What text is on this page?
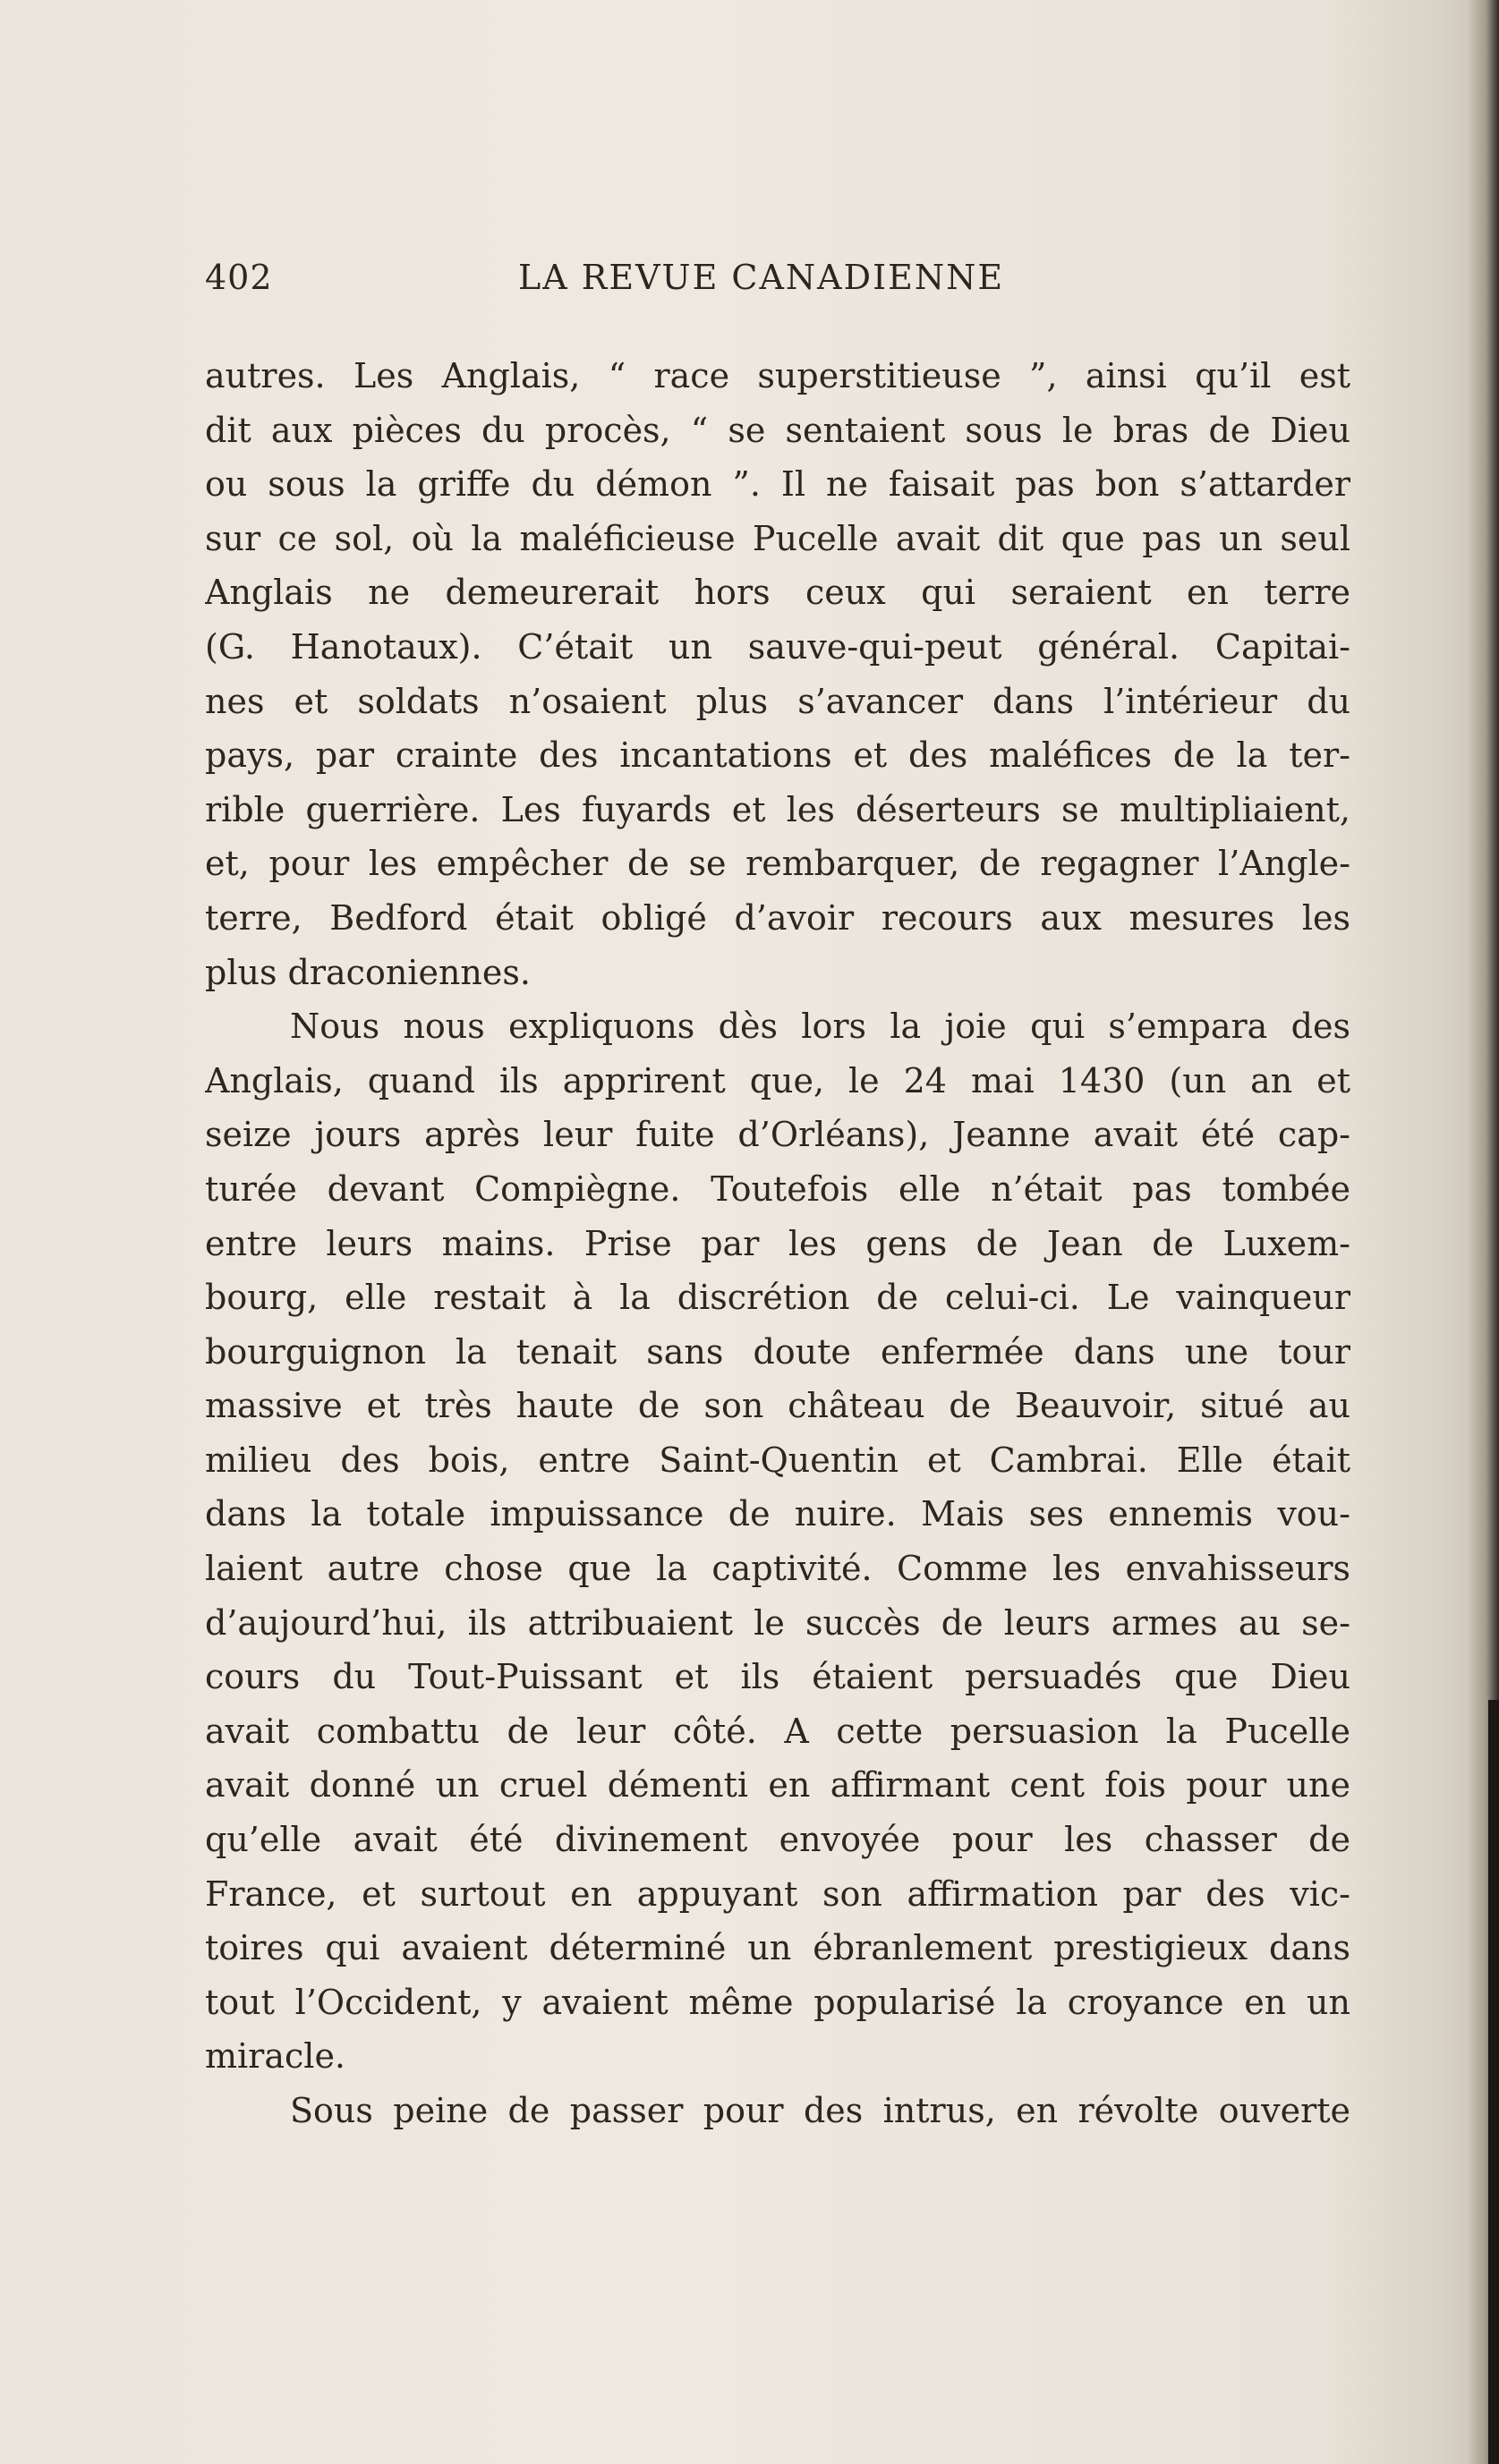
402	LA REVUE CANADIENNE
autres. Les Anglais, “ race superstitieuse ”, ainsi qu’il est
dit aux pièces du procès, “ se sentaient sous le bras de Dieu
ou sous la griffe du démon ”. Il ne faisait pas bon s’attarder
sur ce sol, où la maléficieuse Pucelle avait dit que pas un seul
Anglais ne demeurerait hors ceux qui seraient en terre
(G. Hanotaux). C’était un sauve-qui-peut général. Capitai-
nes et soldats n’osaient plus s’avancer dans l’intérieur du
pays, par crainte des incantations et des maléfices de la ter-
rible guerrière. Les fuyards et les déserteurs se multipliaient,
et, pour les empêcher de se rembarquer, de regagner l’Angle-
terre, Bedford était obligé d’avoir recours aux mesures les
plus draconiennes.
Nous nous expliquons dès lors la joie qui s’empara des
Anglais, quand ils apprirent que, le 24 mai 1430 (un an et
seize jours après leur fuite d’Orléans), Jeanne avait été cap-
turée devant Compiègne. Toutefois elle n’était pas tombée
entre leurs mains. Prise par les gens de Jean de Luxem-
bourg, elle restait à la discrétion de celui-ci. Le vainqueur
bourguignon la tenait sans doute enfermée dans une tour
massive et très haute de son château de Beauvoir, situé au
milieu des bois, entre Saint-Quentin et Cambrai. Elle était
dans la totale impuissance de nuire. Mais ses ennemis vou-
laient autre chose que la captivité. Comme les envahisseurs
d’aujourd’hui, ils attribuaient le succès de leurs armes au se-
cours du Tout-Puissant et ils étaient persuadés que Dieu
avait combattu de leur côté. A cette persuasion la Pucelle
avait donné un cruel démenti en affirmant cent fois pour une
qu’elle avait été divinement envoyée pour les chasser de
France, et surtout en appuyant son affirmation par des vic-
toires qui avaient déterminé un ébranlement prestigieux dans
tout l’Occident, y avaient même popularisé la croyance en un
miracle.
Sous peine de passer pour des intrus, en révolte ouverte
